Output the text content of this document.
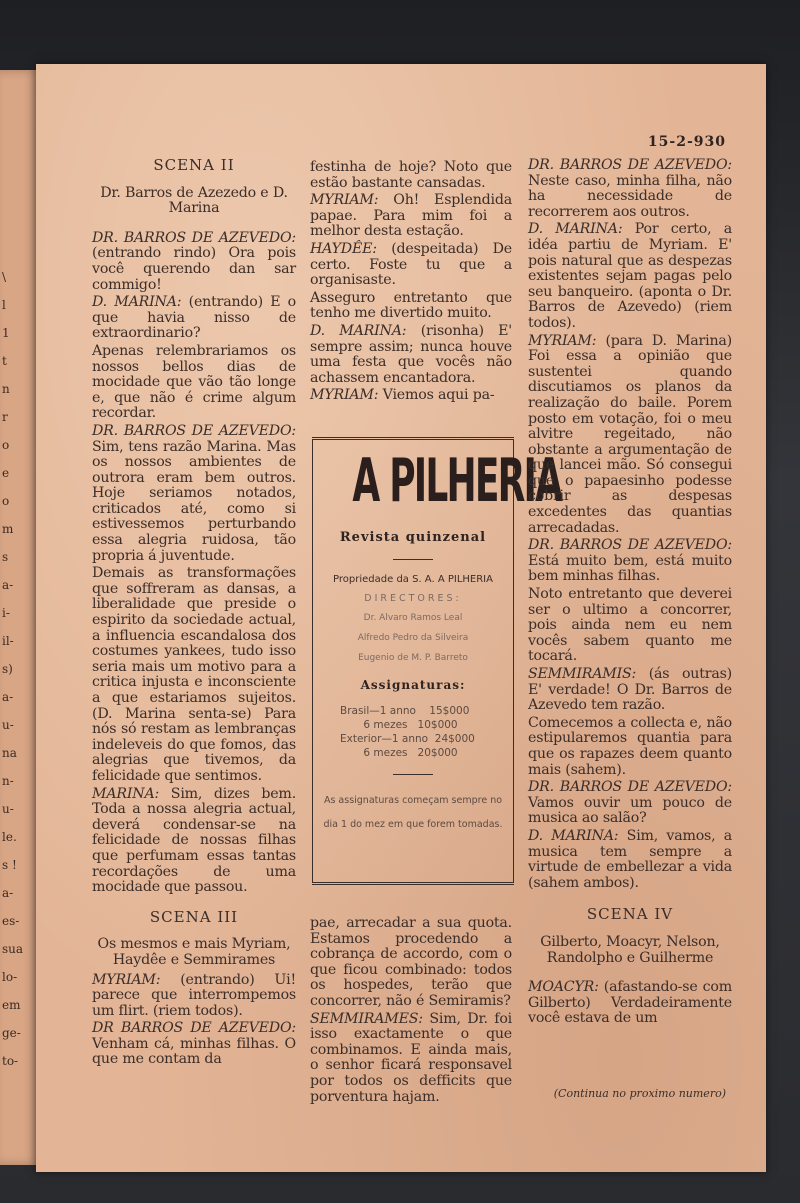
\
l
1
t
n
r
o
e
o
m
s
a-
i-
il-
s)
a-
u-
na
n-
u-
le.
s !
a-
es-
sua
lo-
em
ge-
to-
15-2-930
SCENA II
Dr. Barros de Azezedo e D. Marina

DR. BARROS DE AZEVEDO: (entrando rindo) Ora pois você querendo dan sar commigo!

D. MARINA: (entrando) E o que havia nisso de extraordinario?

Apenas relembrariamos os nossos bellos dias de mocidade que vão tão longe e, que não é crime algum recordar.

DR. BARROS DE AZEVEDO: Sim, tens razão Marina. Mas os nossos ambientes de outrora eram bem outros. Hoje seriamos notados, criticados até, como si estivessemos perturbando essa alegria ruidosa, tão propria á juventude.

Demais as transformações que soffreram as dansas, a liberalidade que preside o espirito da sociedade actual, a influencia escandalosa dos costumes yankees, tudo isso seria mais um motivo para a critica injusta e inconsciente a que estariamos sujeitos. (D. Marina senta-se) Para nós só restam as lembranças indeleveis do que fomos, das alegrias que tivemos, da felicidade que sentimos.

MARINA: Sim, dizes bem. Toda a nossa alegria actual, deverá condensar-se na felicidade de nossas filhas que perfumam essas tantas recordações de uma mocidade que passou.

SCENA III
Os mesmos e mais Myriam, Haydêe e Semmirames

MYRIAM: (entrando) Ui! parece que interrompemos um flirt. (riem todos).

DR BARROS DE AZEVEDO: Venham cá, minhas filhas. O que me contam da

festinha de hoje? Noto que estão bastante cansadas.

MYRIAM: Oh! Esplendida papae. Para mim foi a melhor desta estação.

HAYDÊE: (despeitada) De certo. Foste tu que a organisaste.

Asseguro entretanto que tenho me divertido muito.

D. MARINA: (risonha) E' sempre assim; nunca houve uma festa que vocês não achassem encantadora.

MYRIAM: Viemos aqui pa-

A PILHERIA
Revista quinzenal
Propriedade da S. A. A PILHERIA
DIRECTORES:
Dr. Alvaro Ramos Leal
Alfredo Pedro da Silveira
Eugenio de M. P. Barreto
Assignaturas:
Brasil—1 anno    15$000
6 mezes   10$000
Exterior—1 anno  24$000
6 mezes   20$000
As assignaturas começam sempre no dia 1 do mez em que forem tomadas.

pae, arrecadar a sua quota. Estamos procedendo a cobrança de accordo, com o que ficou combinado: todos os hospedes, terão que concorrer, não é Semiramis?

SEMMIRAMES: Sim, Dr. foi isso exactamente o que combinamos. E ainda mais, o senhor ficará responsavel por todos os defficits que porventura hajam.

DR. BARROS DE AZEVEDO: Neste caso, minha filha, não ha necessidade de recorrerem aos outros.

D. MARINA: Por certo, a idéa partiu de Myriam. E' pois natural que as despezas existentes sejam pagas pelo seu banqueiro. (aponta o Dr. Barros de Azevedo) (riem todos).

MYRIAM: (para D. Marina) Foi essa a opinião que sustentei quando discutiamos os planos da realização do baile. Porem posto em votação, foi o meu alvitre regeitado, não obstante a argumentação de que lancei mão. Só consegui que o papaesinho podesse cobrir as despesas excedentes das quantias arrecadadas.

DR. BARROS DE AZEVEDO: Está muito bem, está muito bem minhas filhas.

Noto entretanto que deverei ser o ultimo a concorrer, pois ainda nem eu nem vocês sabem quanto me tocará.

SEMMIRAMIS: (ás outras) E' verdade! O Dr. Barros de Azevedo tem razão.

Comecemos a collecta e, não estipularemos quantia para que os rapazes deem quanto mais (sahem).

DR. BARROS DE AZEVEDO: Vamos ouvir um pouco de musica ao salão?

D. MARINA: Sim, vamos, a musica tem sempre a virtude de embellezar a vida (sahem ambos).

SCENA IV
Gilberto, Moacyr, Nelson, Randolpho e Guilherme

MOACYR: (afastando-se com Gilberto) Verdadeiramente você estava de um

(Continua no proximo numero)
